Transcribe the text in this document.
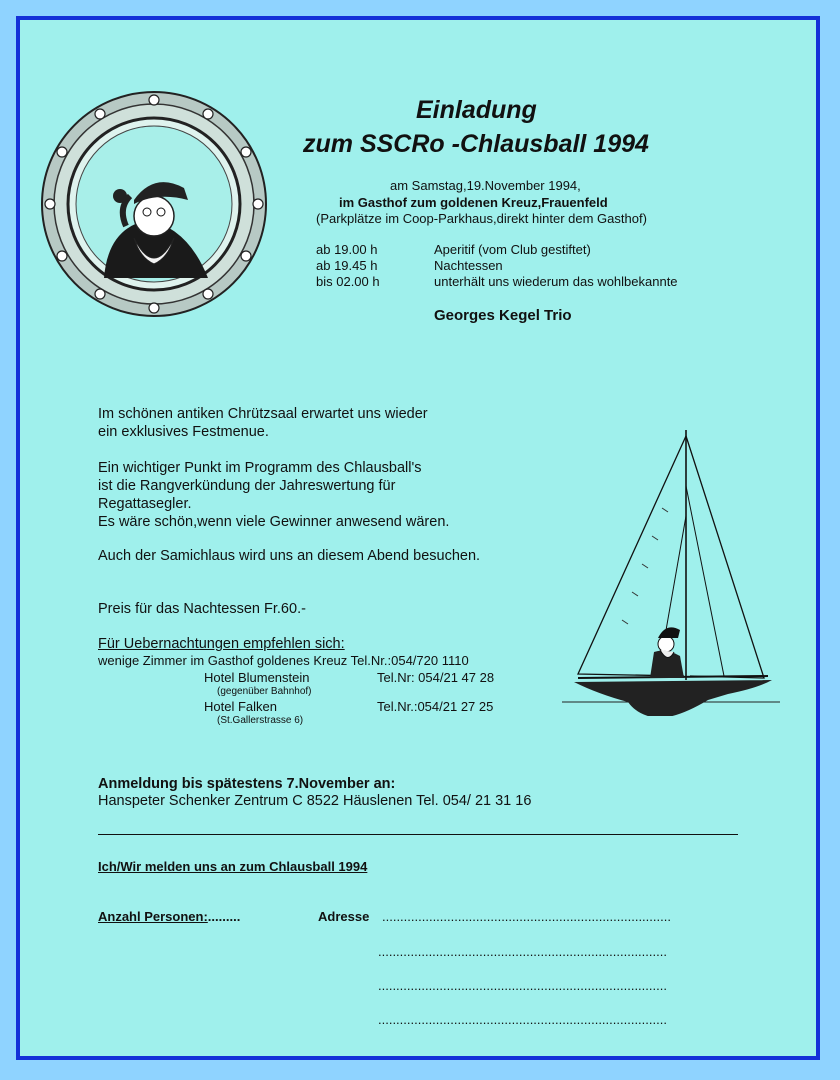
Einladung
zum SSCRo -Chlausball 1994
am Samstag,19.November 1994,
im Gasthof zum goldenen Kreuz,Frauenfeld
(Parkplätze im Coop-Parkhaus,direkt hinter dem Gasthof)
ab 19.00 h	Aperitif (vom Club gestiftet)
ab 19.45 h	Nachtessen
bis 02.00 h	unterhält uns wiederum das wohlbekannte
Georges Kegel Trio
Im schönen antiken Chrützsaal erwartet uns wieder
ein exklusives Festmenue.
Ein wichtiger Punkt im Programm des Chlausball's
ist die Rangverkündung der Jahreswertung für
Regattasegler.
Es wäre schön,wenn viele Gewinner anwesend wären.
Auch der Samichlaus wird uns an diesem Abend besuchen.
Preis für das Nachtessen Fr.60.-
Für Uebernachtungen empfehlen sich:
wenige Zimmer im Gasthof goldenes Kreuz Tel.Nr.:054/720 1110
Hotel Blumenstein	Tel.Nr: 054/21 47 28
(gegenüber Bahnhof)
Hotel Falken	Tel.Nr.:054/21 27 25
(St.Gallerstrasse 6)
Anmeldung bis spätestens 7.November an:
Hanspeter Schenker Zentrum C 8522 Häuslenen Tel. 054/ 21 31 16
Ich/Wir melden uns an zum Chlausball 1994
Anzahl Personen:.........	Adresse ................................................................................
................................................................................
................................................................................
................................................................................
